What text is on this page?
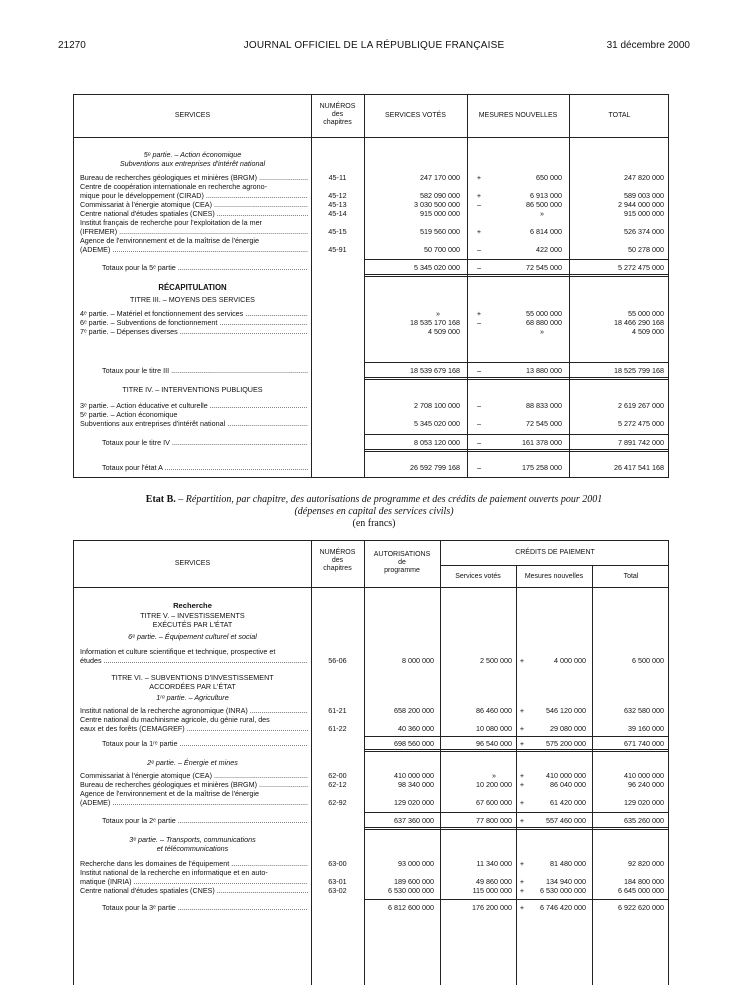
21270	JOURNAL OFFICIEL DE LA RÉPUBLIQUE FRANÇAISE	31 décembre 2000
SERVICES
NUMÉROS
des
chapitres
SERVICES VOTÉS	MESURES NOUVELLES	TOTAL
5ᵉ partie. – Action économique
Subventions aux entreprises d'intérêt national
Bureau de recherches géologiques et minières (BRGM) .....	45-11	247 170 000	+	650 000	247 820 000
Centre de coopération internationale en recherche agrono-
mique pour le développement (CIRAD) .....	45-12	582 090 000	+	6 913 000	589 003 000
Commissariat à l'énergie atomique (CEA) .....	45-13	3 030 500 000	–	86 500 000	2 944 000 000
Centre national d'études spatiales (CNES) .....	45-14	915 000 000	»	915 000 000
Institut français de recherche pour l'exploitation de la mer
(IFREMER) .....	45-15	519 560 000	+	6 814 000	526 374 000
Agence de l'environnement et de la maîtrise de l'énergie
(ADEME) .....	45-91	50 700 000	–	422 000	50 278 000
Totaux pour la 5ᵉ partie .....	5 345 020 000	–	72 545 000	5 272 475 000
RÉCAPITULATION
TITRE III. – MOYENS DES SERVICES
4ᵉ partie. – Matériel et fonctionnement des services .....	»	+	55 000 000	55 000 000
6ᵉ partie. – Subventions de fonctionnement .....	18 535 170 168	–	68 880 000	18 466 290 168
7ᵉ partie. – Dépenses diverses .....	4 509 000	»	4 509 000
Totaux pour le titre III .....	18 539 679 168	–	13 880 000	18 525 799 168
TITRE IV. – INTERVENTIONS PUBLIQUES
3ᵉ partie. – Action éducative et culturelle .....	2 708 100 000	–	88 833 000	2 619 267 000
5ᵉ partie. – Action économique
Subventions aux entreprises d'intérêt national .....	5 345 020 000	–	72 545 000	5 272 475 000
Totaux pour le titre IV .....	8 053 120 000	–	161 378 000	7 891 742 000
Totaux pour l'état A .....	26 592 799 168	–	175 258 000	26 417 541 168
Etat B. – Répartition, par chapitre, des autorisations de programme et des crédits de paiement ouverts pour 2001
(dépenses en capital des services civils)
(en francs)
SERVICES
NUMÉROS
des
chapitres
AUTORISATIONS
de
programme
CRÉDITS DE PAIEMENT
Services votés	Mesures nouvelles	Total
Recherche
TITRE V. – INVESTISSEMENTS
EXÉCUTÉS PAR L'ÉTAT
6ᵉ partie. – Équipement culturel et social
Information et culture scientifique et technique, prospective et
études .....	56-06	8 000 000	2 500 000 +	4 000 000	6 500 000
TITRE VI. – SUBVENTIONS D'INVESTISSEMENT
ACCORDÉES PAR L'ÉTAT
1ʳᵉ partie. – Agriculture
Institut national de la recherche agronomique (INRA) .....	61-21	658 200 000	86 460 000 +	546 120 000	632 580 000
Centre national du machinisme agricole, du génie rural, des
eaux et des forêts (CEMAGREF) .....	61-22	40 360 000	10 080 000 +	29 080 000	39 160 000
Totaux pour la 1ʳᵉ partie .....	698 560 000	96 540 000 +	575 200 000	671 740 000
2ᵉ partie. – Énergie et mines
Commissariat à l'énergie atomique (CEA) .....	62-00	410 000 000	»	+	410 000 000	410 000 000
Bureau de recherches géologiques et minières (BRGM) .....	62-12	98 340 000	10 200 000 +	86 040 000	96 240 000
Agence de l'environnement et de la maîtrise de l'énergie
(ADEME) .....	62-92	129 020 000	67 600 000 +	61 420 000	129 020 000
Totaux pour la 2ᵉ partie .....	637 360 000	77 800 000 +	557 460 000	635 260 000
3ᵉ partie. – Transports, communications
et télécommunications
Recherche dans les domaines de l'équipement .....	63-00	93 000 000	11 340 000 +	81 480 000	92 820 000
Institut national de la recherche en informatique et en auto-
matique (INRIA) .....	63-01	189 600 000	49 860 000 +	134 940 000	184 800 000
Centre national d'études spatiales (CNES) .....	63-02	6 530 000 000	115 000 000 +	6 530 000 000	6 645 000 000
Totaux pour la 3ᵉ partie .....	6 812 600 000	176 200 000 +	6 746 420 000	6 922 620 000
